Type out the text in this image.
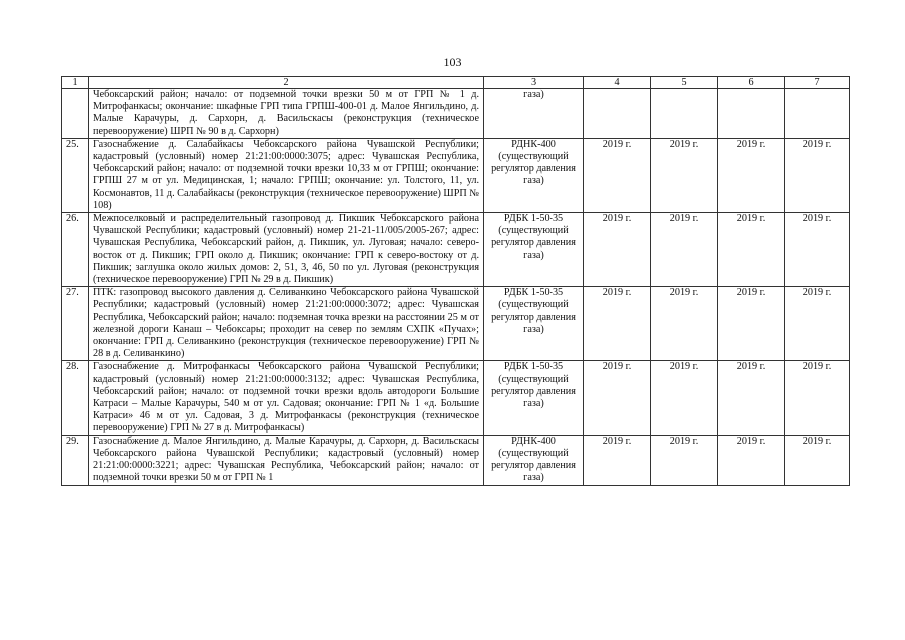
103
1	2	3	4	5	6	7
	Чебоксарский район; начало: от подземной точки врезки 50 м от ГРП № 1 д. Митрофанкасы; окончание: шкафные ГРП типа ГРПШ-400-01 д. Малое Янгильдино, д. Малые Карачуры, д. Сархорн, д. Васильскасы (реконструкция (техническое перевооружение) ШРП № 90 в д. Сархорн)	газа)				
25.	Газоснабжение д. Салабайкасы Чебоксарского района Чувашской Республики; кадастровый (условный) номер 21:21:00:0000:3075; адрес: Чувашская Республика, Чебоксарский район; начало: от подземной точки врезки 10,33 м от ГРПШ; окончание: ГРПШ 27 м от ул. Медицинская, 1; начало: ГРПШ; окончание: ул. Толстого, 11, ул. Космонавтов, 11 д. Салабайкасы (реконструкция (техническое перевооружение) ШРП № 108)	РДНК-400 (существующий регулятор давления газа)	2019 г.	2019 г.	2019 г.	2019 г.
26.	Межпоселковый и распределительный газопровод д. Пикшик Чебоксарского района Чувашской Республики; кадастровый (условный) номер 21-21-11/005/2005-267; адрес: Чувашская Республика, Чебоксарский район, д. Пикшик, ул. Луговая; начало: северо-восток от д. Пикшик; ГРП около д. Пикшик; окончание: ГРП к северо-востоку от д. Пикшик; заглушка около жилых домов: 2, 51, 3, 46, 50 по ул. Луговая (реконструкция (техническое перевооружение) ГРП № 29 в д. Пикшик)	РДБК 1-50-35 (существующий регулятор давления газа)	2019 г.	2019 г.	2019 г.	2019 г.
27.	ПТК: газопровод высокого давления д. Селиванкино Чебоксарского района Чувашской Республики; кадастровый (условный) номер 21:21:00:0000:3072; адрес: Чувашская Республика, Чебоксарский район; начало: подземная точка врезки на расстоянии 25 м от железной дороги Канаш – Чебоксары; проходит на север по землям СХПК «Пучах»; окончание: ГРП д. Селиванкино (реконструкция (техническое перевооружение) ГРП № 28 в д. Селиванкино)	РДБК 1-50-35 (существующий регулятор давления газа)	2019 г.	2019 г.	2019 г.	2019 г.
28.	Газоснабжение д. Митрофанкасы Чебоксарского района Чувашской Республики; кадастровый (условный) номер 21:21:00:0000:3132; адрес: Чувашская Республика, Чебоксарский район; начало: от подземной точки врезки вдоль автодороги Большие Катраси – Малые Карачуры, 540 м от ул. Садовая; окончание: ГРП № 1 «д. Большие Катраси» 46 м от ул. Садовая, 3 д. Митрофанкасы (реконструкция (техническое перевооружение) ГРП № 27 в д. Митрофанкасы)	РДБК 1-50-35 (существующий регулятор давления газа)	2019 г.	2019 г.	2019 г.	2019 г.
29.	Газоснабжение д. Малое Янгильдино, д. Малые Карачуры, д. Сархорн, д. Васильскасы Чебоксарского района Чувашской Республики; кадастровый (условный) номер 21:21:00:0000:3221; адрес: Чувашская Республика, Чебоксарский район; начало: от подземной точки врезки 50 м от ГРП № 1	РДНК-400 (существующий регулятор давления газа)	2019 г.	2019 г.	2019 г.	2019 г.
